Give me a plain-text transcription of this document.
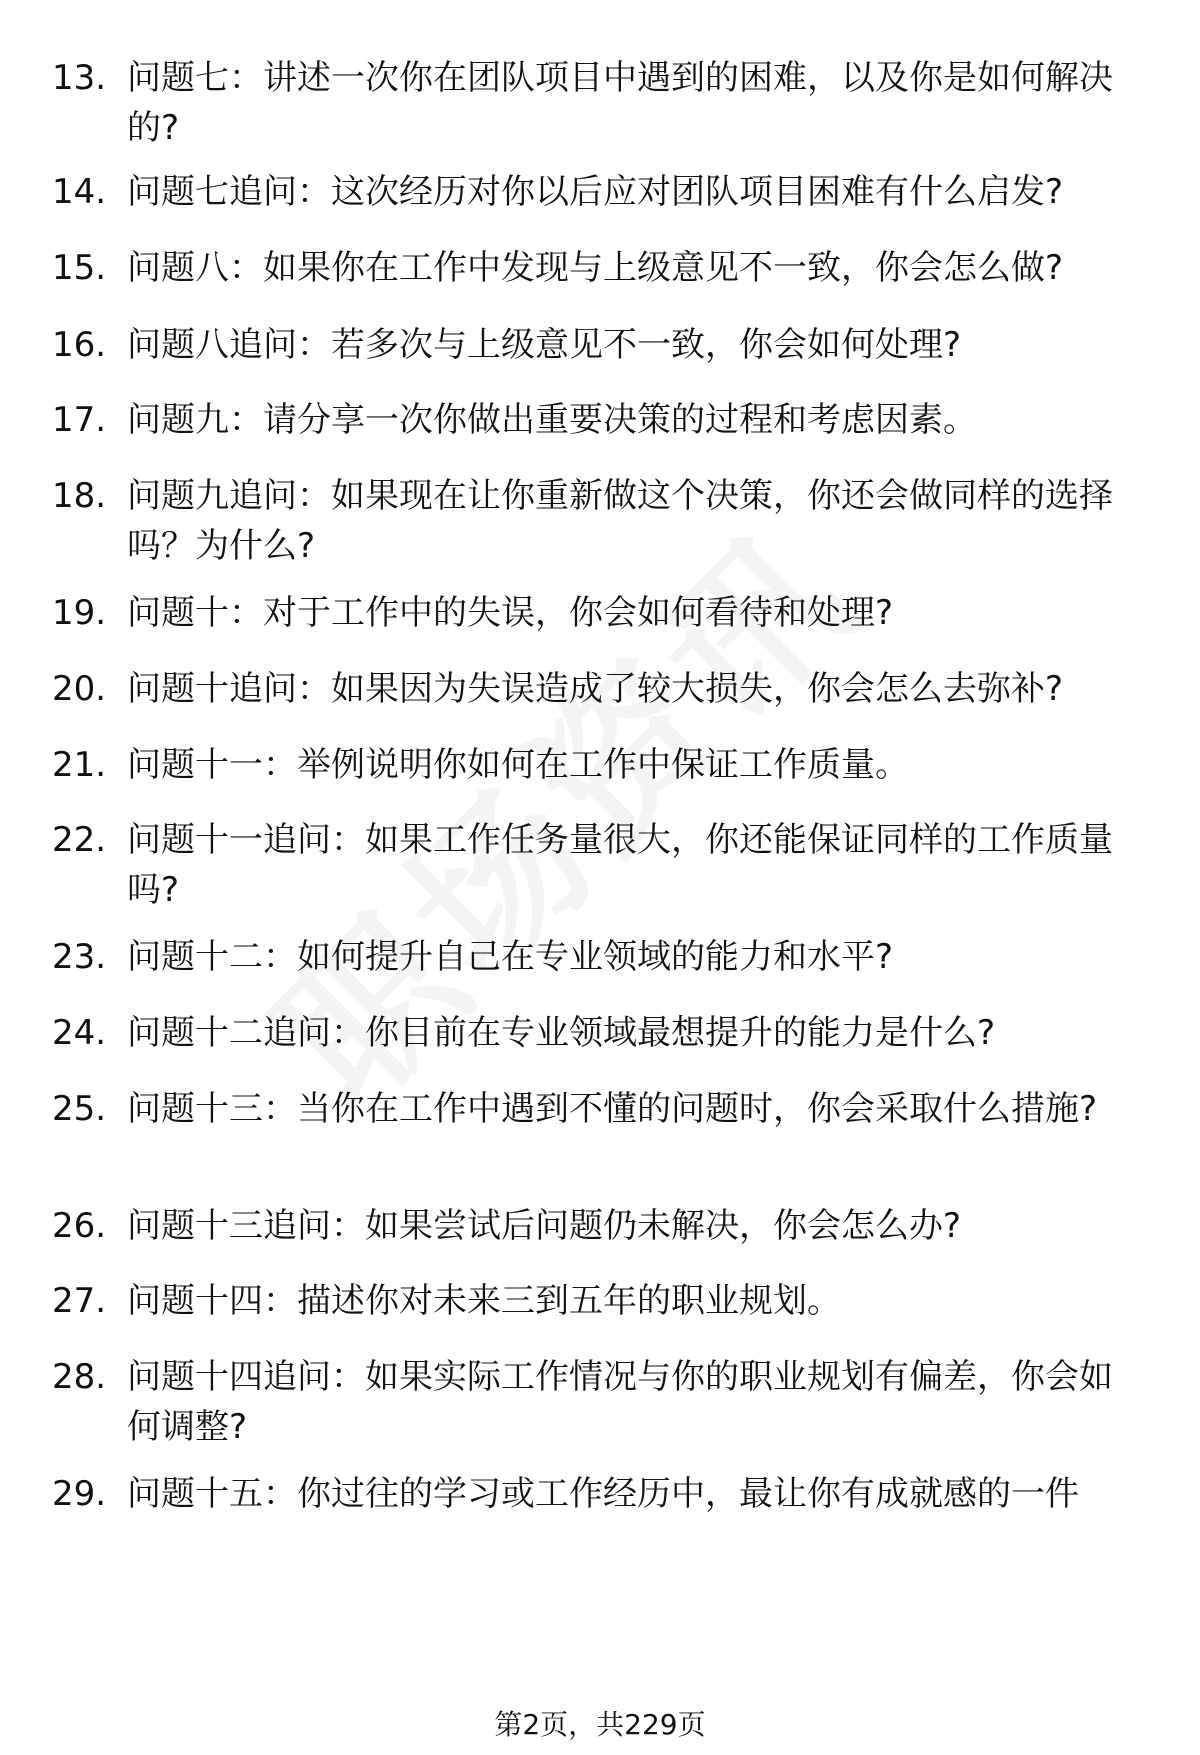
13. 问题七：讲述一次你在团队项目中遇到的困难，以及你是如何解决的?
14. 问题七追问：这次经历对你以后应对团队项目困难有什么启发?
15. 问题八：如果你在工作中发现与上级意见不一致，你会怎么做?
16. 问题八追问：若多次与上级意见不一致，你会如何处理?
17. 问题九：请分享一次你做出重要决策的过程和考虑因素。
18. 问题九追问：如果现在让你重新做这个决策，你还会做同样的选择吗？为什么?
19. 问题十：对于工作中的失误，你会如何看待和处理?
20. 问题十追问：如果因为失误造成了较大损失，你会怎么去弥补?
21. 问题十一：举例说明你如何在工作中保证工作质量。
22. 问题十一追问：如果工作任务量很大，你还能保证同样的工作质量吗?
23. 问题十二：如何提升自己在专业领域的能力和水平?
24. 问题十二追问：你目前在专业领域最想提升的能力是什么?
25. 问题十三：当你在工作中遇到不懂的问题时，你会采取什么措施?
26. 问题十三追问：如果尝试后问题仍未解决，你会怎么办?
27. 问题十四：描述你对未来三到五年的职业规划。
28. 问题十四追问：如果实际工作情况与你的职业规划有偏差，你会如何调整?
29. 问题十五：你过往的学习或工作经历中，最让你有成就感的一件
第2页，共229页
